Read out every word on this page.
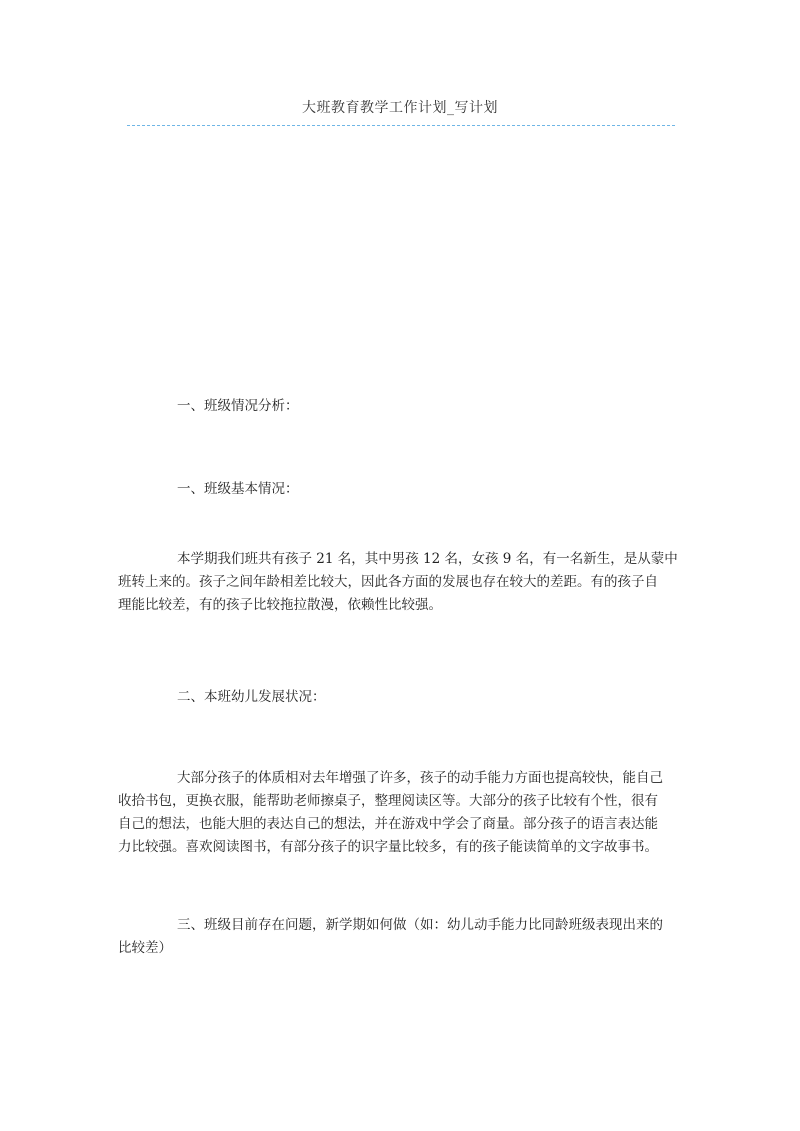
大班教育教学工作计划_写计划
一、班级情况分析：
一、班级基本情况：
本学期我们班共有孩子 21 名，其中男孩 12 名，女孩 9 名，有一名新生，是从蒙中
班转上来的。孩子之间年龄相差比较大，因此各方面的发展也存在较大的差距。有的孩子自
理能比较差，有的孩子比较拖拉散漫，依赖性比较强。
二、本班幼儿发展状况：
大部分孩子的体质相对去年增强了许多，孩子的动手能力方面也提高较快，能自己
收拾书包，更换衣服，能帮助老师擦桌子，整理阅读区等。大部分的孩子比较有个性，很有
自己的想法，也能大胆的表达自己的想法，并在游戏中学会了商量。部分孩子的语言表达能
力比较强。喜欢阅读图书，有部分孩子的识字量比较多，有的孩子能读简单的文字故事书。
三、班级目前存在问题，新学期如何做（如：幼儿动手能力比同龄班级表现出来的
比较差）
